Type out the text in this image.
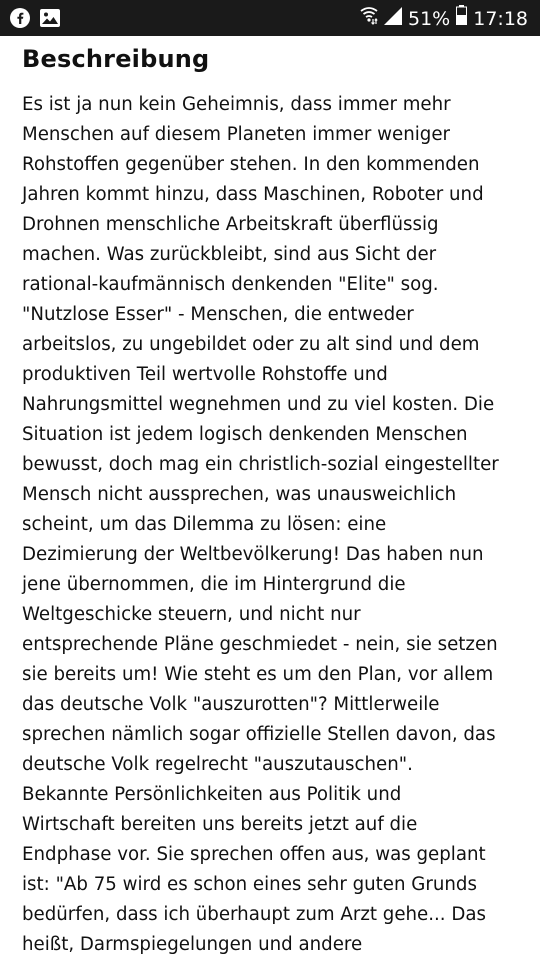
51% 17:18
Beschreibung

Es ist ja nun kein Geheimnis, dass immer mehr
Menschen auf diesem Planeten immer weniger
Rohstoffen gegenüber stehen. In den kommenden
Jahren kommt hinzu, dass Maschinen, Roboter und
Drohnen menschliche Arbeitskraft überflüssig
machen. Was zurückbleibt, sind aus Sicht der
rational-kaufmännisch denkenden "Elite" sog.
"Nutzlose Esser" - Menschen, die entweder
arbeitslos, zu ungebildet oder zu alt sind und dem
produktiven Teil wertvolle Rohstoffe und
Nahrungsmittel wegnehmen und zu viel kosten. Die
Situation ist jedem logisch denkenden Menschen
bewusst, doch mag ein christlich-sozial eingestellter
Mensch nicht aussprechen, was unausweichlich
scheint, um das Dilemma zu lösen: eine
Dezimierung der Weltbevölkerung! Das haben nun
jene übernommen, die im Hintergrund die
Weltgeschicke steuern, und nicht nur
entsprechende Pläne geschmiedet - nein, sie setzen
sie bereits um! Wie steht es um den Plan, vor allem
das deutsche Volk "auszurotten"? Mittlerweile
sprechen nämlich sogar offizielle Stellen davon, das
deutsche Volk regelrecht "auszutauschen".
Bekannte Persönlichkeiten aus Politik und
Wirtschaft bereiten uns bereits jetzt auf die
Endphase vor. Sie sprechen offen aus, was geplant
ist: "Ab 75 wird es schon eines sehr guten Grunds
bedürfen, dass ich überhaupt zum Arzt gehe... Das
heißt, Darmspiegelungen und andere
